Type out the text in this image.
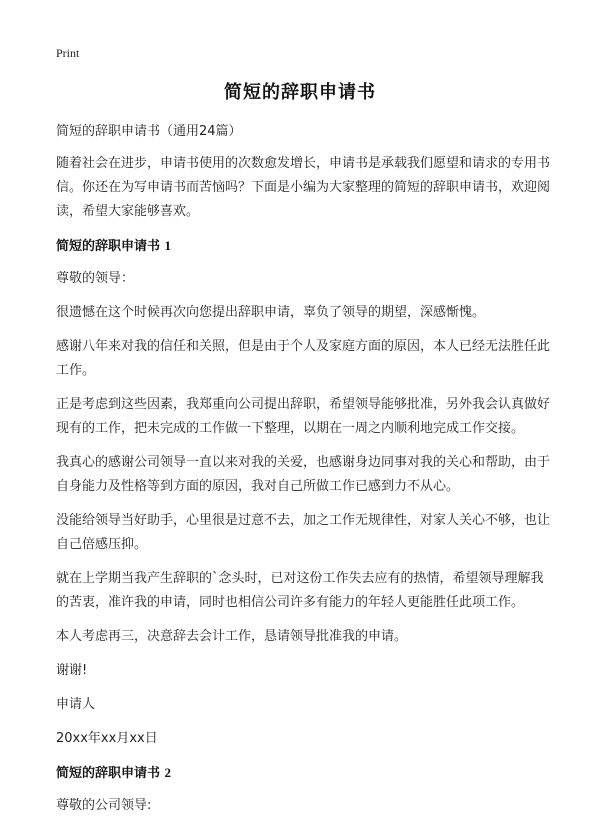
Print
简短的辞职申请书

简短的辞职申请书（通用24篇）

随着社会在进步，申请书使用的次数愈发增长，申请书是承载我们愿望和请求的专用书信。你还在为写申请书而苦恼吗？下面是小编为大家整理的简短的辞职申请书，欢迎阅读，希望大家能够喜欢。

简短的辞职申请书 1

尊敬的领导：

很遗憾在这个时候再次向您提出辞职申请，辜负了领导的期望，深感惭愧。

感谢八年来对我的信任和关照，但是由于个人及家庭方面的原因，本人已经无法胜任此工作。

正是考虑到这些因素，我郑重向公司提出辞职，希望领导能够批准，另外我会认真做好现有的工作，把未完成的工作做一下整理，以期在一周之内顺利地完成工作交接。

我真心的感谢公司领导一直以来对我的关爱，也感谢身边同事对我的关心和帮助，由于自身能力及性格等到方面的原因，我对自己所做工作已感到力不从心。

没能给领导当好助手，心里很是过意不去，加之工作无规律性，对家人关心不够，也让自己倍感压抑。

就在上学期当我产生辞职的`念头时，已对这份工作失去应有的热情，希望领导理解我的苦衷，准许我的申请，同时也相信公司许多有能力的年轻人更能胜任此项工作。

本人考虑再三，决意辞去会计工作，恳请领导批准我的申请。

谢谢!

申请人

20xx年xx月xx日

简短的辞职申请书 2

尊敬的公司领导:
